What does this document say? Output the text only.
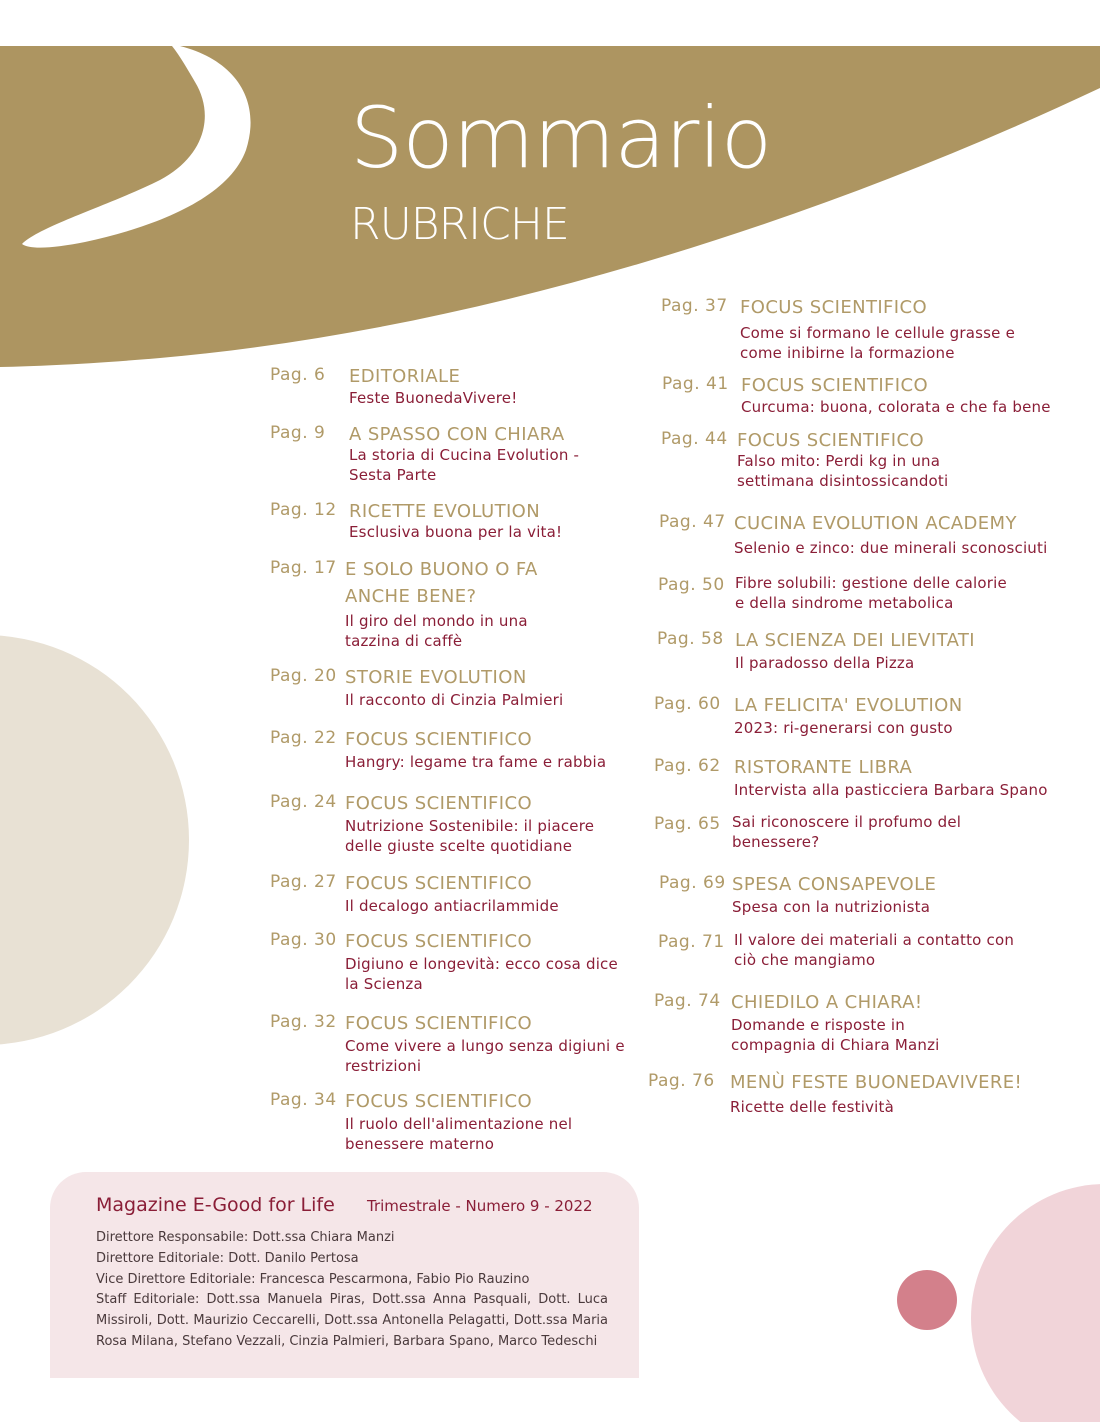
Sommario
RUBRICHE
Pag. 6 EDITORIALE
Feste BuonedaVivere!
Pag. 9 A SPASSO CON CHIARA
La storia di Cucina Evolution -
Sesta Parte
Pag. 12 RICETTE EVOLUTION
Esclusiva buona per la vita!
Pag. 17 E SOLO BUONO O FA
ANCHE BENE?
Il giro del mondo in una
tazzina di caffè
Pag. 20 STORIE EVOLUTION
Il racconto di Cinzia Palmieri
Pag. 22 FOCUS SCIENTIFICO
Hangry: legame tra fame e rabbia
Pag. 24 FOCUS SCIENTIFICO
Nutrizione Sostenibile: il piacere
delle giuste scelte quotidiane
Pag. 27 FOCUS SCIENTIFICO
Il decalogo antiacrilammide
Pag. 30 FOCUS SCIENTIFICO
Digiuno e longevità: ecco cosa dice
la Scienza
Pag. 32 FOCUS SCIENTIFICO
Come vivere a lungo senza digiuni e
restrizioni
Pag. 34 FOCUS SCIENTIFICO
Il ruolo dell'alimentazione nel
benessere materno
Pag. 37 FOCUS SCIENTIFICO
Come si formano le cellule grasse e
come inibirne la formazione
Pag. 41 FOCUS SCIENTIFICO
Curcuma: buona, colorata e che fa bene
Pag. 44 FOCUS SCIENTIFICO
Falso mito: Perdi kg in una
settimana disintossicandoti
Pag. 47 CUCINA EVOLUTION ACADEMY
Selenio e zinco: due minerali sconosciuti
Pag. 50 Fibre solubili: gestione delle calorie
e della sindrome metabolica
Pag. 58 LA SCIENZA DEI LIEVITATI
Il paradosso della Pizza
Pag. 60 LA FELICITA' EVOLUTION
2023: ri-generarsi con gusto
Pag. 62 RISTORANTE LIBRA
Intervista alla pasticciera Barbara Spano
Pag. 65 Sai riconoscere il profumo del
benessere?
Pag. 69 SPESA CONSAPEVOLE
Spesa con la nutrizionista
Pag. 71 Il valore dei materiali a contatto con
ciò che mangiamo
Pag. 74 CHIEDILO A CHIARA!
Domande e risposte in
compagnia di Chiara Manzi
Pag. 76 MENÙ FESTE BUONEDAVIVERE!
Ricette delle festività
Magazine E-Good for Life Trimestrale - Numero 9 - 2022
Direttore Responsabile: Dott.ssa Chiara Manzi
Direttore Editoriale: Dott. Danilo Pertosa
Vice Direttore Editoriale: Francesca Pescarmona, Fabio Pio Rauzino
Staff Editoriale: Dott.ssa Manuela Piras, Dott.ssa Anna Pasquali, Dott. Luca Missiroli, Dott. Maurizio Ceccarelli, Dott.ssa Antonella Pelagatti, Dott.ssa Maria Rosa Milana, Stefano Vezzali, Cinzia Palmieri, Barbara Spano, Marco Tedeschi
